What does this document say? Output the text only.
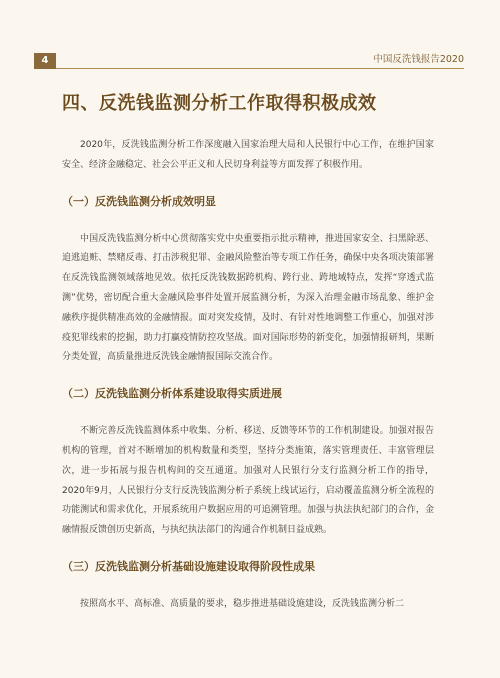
4	中国反洗钱报告2020
四、反洗钱监测分析工作取得积极成效

2020年，反洗钱监测分析工作深度融入国家治理大局和人民银行中心工作，在维护国家安全、经济金融稳定、社会公平正义和人民切身利益等方面发挥了积极作用。

（一）反洗钱监测分析成效明显

中国反洗钱监测分析中心贯彻落实党中央重要指示批示精神，推进国家安全、扫黑除恶、追逃追赃、禁赌反毒、打击涉税犯罪、金融风险整治等专项工作任务，确保中央各项决策部署在反洗钱监测领域落地见效。依托反洗钱数据跨机构、跨行业、跨地域特点，发挥“穿透式监测”优势，密切配合重大金融风险事件处置开展监测分析，为深入治理金融市场乱象、维护金融秩序提供精准高效的金融情报。面对突发疫情，及时、有针对性地调整工作重心，加强对涉疫犯罪线索的挖掘，助力打赢疫情防控攻坚战。面对国际形势的新变化，加强情报研判，果断分类处置，高质量推进反洗钱金融情报国际交流合作。

（二）反洗钱监测分析体系建设取得实质进展

不断完善反洗钱监测体系中收集、分析、移送、反馈等环节的工作机制建设。加强对报告机构的管理，首对不断增加的机构数量和类型，坚持分类施策，落实管理责任、丰富管理层次，进一步拓展与报告机构间的交互通道。加强对人民银行分支行监测分析工作的指导，2020年9月，人民银行分支行反洗钱监测分析子系统上线试运行，启动覆盖监测分析全流程的功能测试和需求优化，开展系统用户数据应用的可追溯管理。加强与执法执纪部门的合作，金融情报反馈创历史新高，与执纪执法部门的沟通合作机制日益成熟。

（三）反洗钱监测分析基础设施建设取得阶段性成果

按照高水平、高标准、高质量的要求，稳步推进基础设施建设，反洗钱监测分析二
